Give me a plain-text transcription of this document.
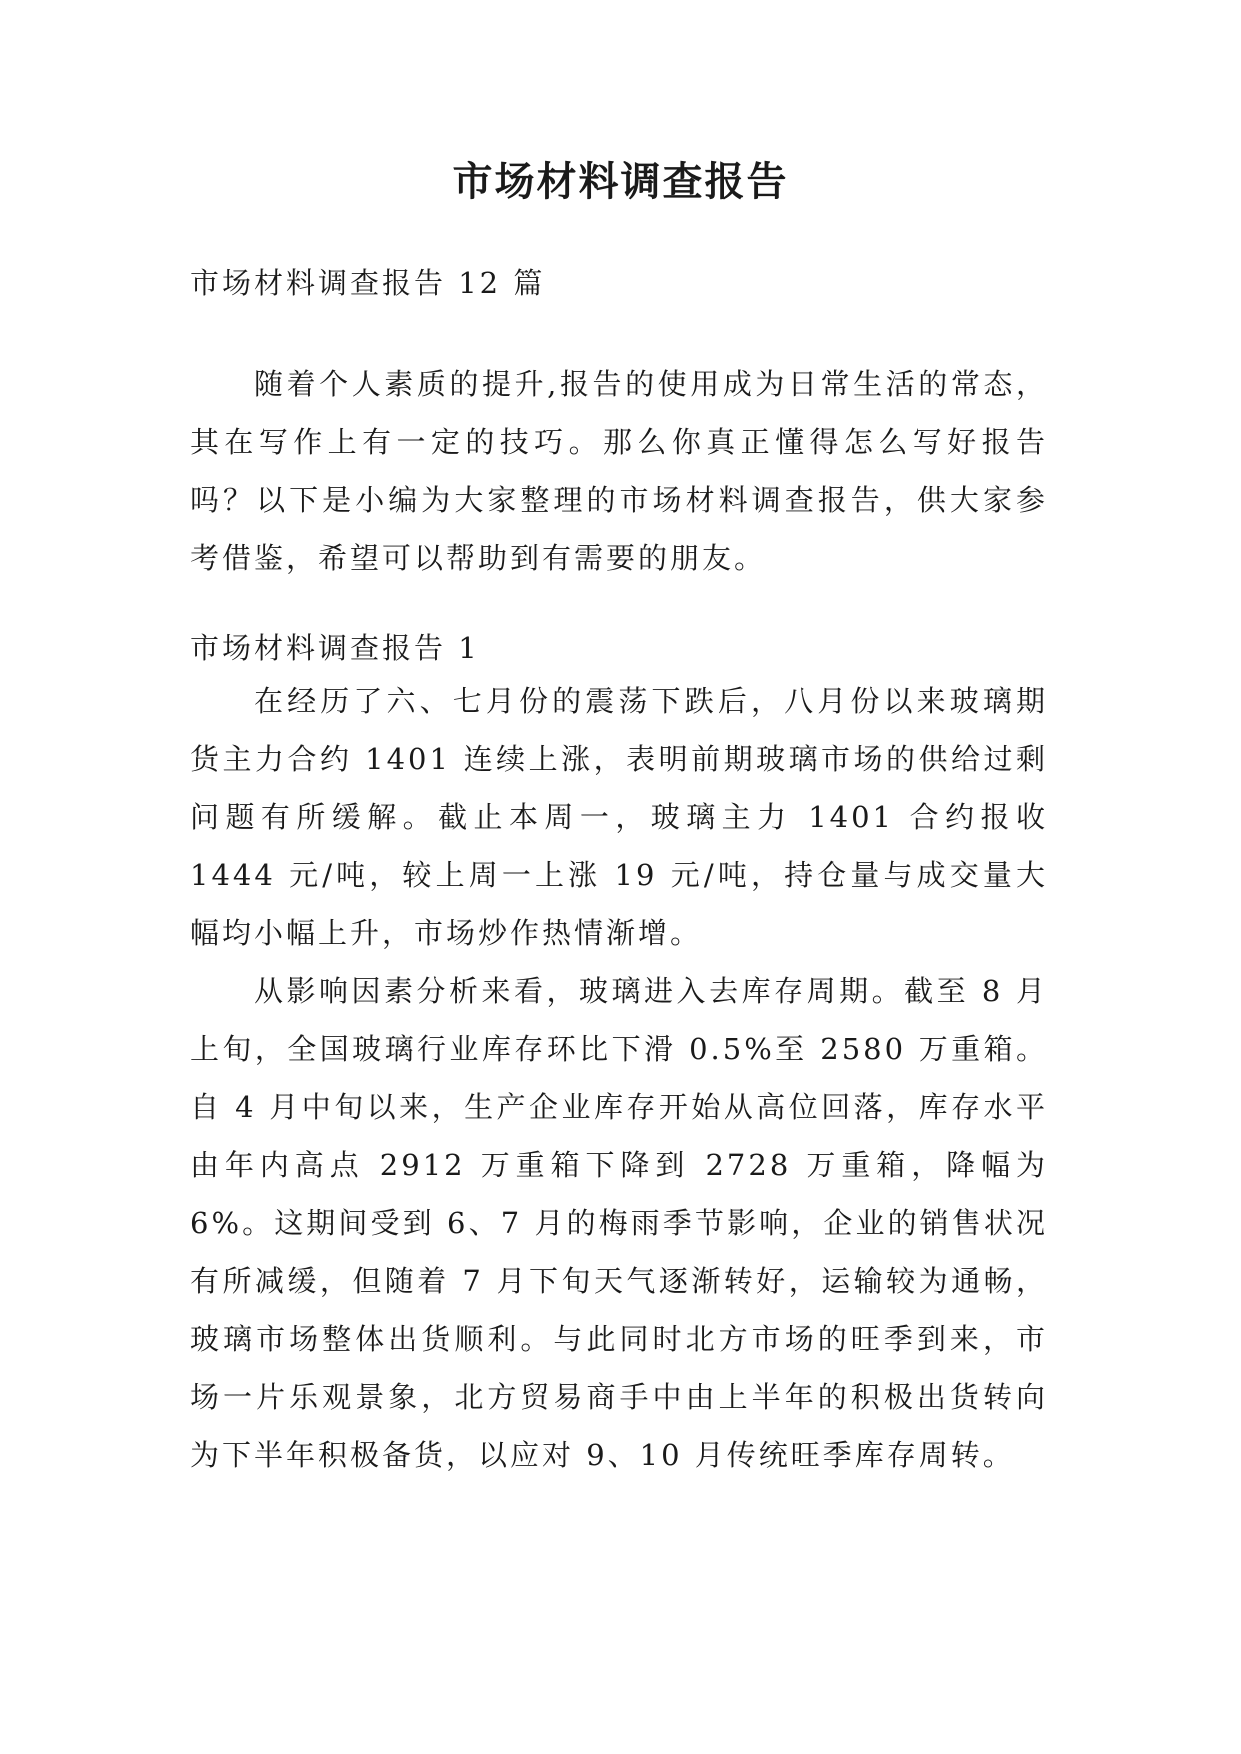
市场材料调查报告

市场材料调查报告 12 篇

随着个人素质的提升,报告的使用成为日常生活的常态，其在写作上有一定的技巧。那么你真正懂得怎么写好报告吗？以下是小编为大家整理的市场材料调查报告，供大家参考借鉴，希望可以帮助到有需要的朋友。

市场材料调查报告 1

在经历了六、七月份的震荡下跌后，八月份以来玻璃期货主力合约 1401 连续上涨，表明前期玻璃市场的供给过剩问题有所缓解。截止本周一，玻璃主力 1401 合约报收 1444 元/吨，较上周一上涨 19 元/吨，持仓量与成交量大幅均小幅上升，市场炒作热情渐增。

从影响因素分析来看，玻璃进入去库存周期。截至 8 月上旬，全国玻璃行业库存环比下滑 0.5%至 2580 万重箱。自 4 月中旬以来，生产企业库存开始从高位回落，库存水平由年内高点 2912 万重箱下降到 2728 万重箱，降幅为 6%。这期间受到 6、7 月的梅雨季节影响，企业的销售状况有所减缓，但随着 7 月下旬天气逐渐转好，运输较为通畅，玻璃市场整体出货顺利。与此同时北方市场的旺季到来，市场一片乐观景象，北方贸易商手中由上半年的积极出货转向为下半年积极备货，以应对 9、10 月传统旺季库存周转。
